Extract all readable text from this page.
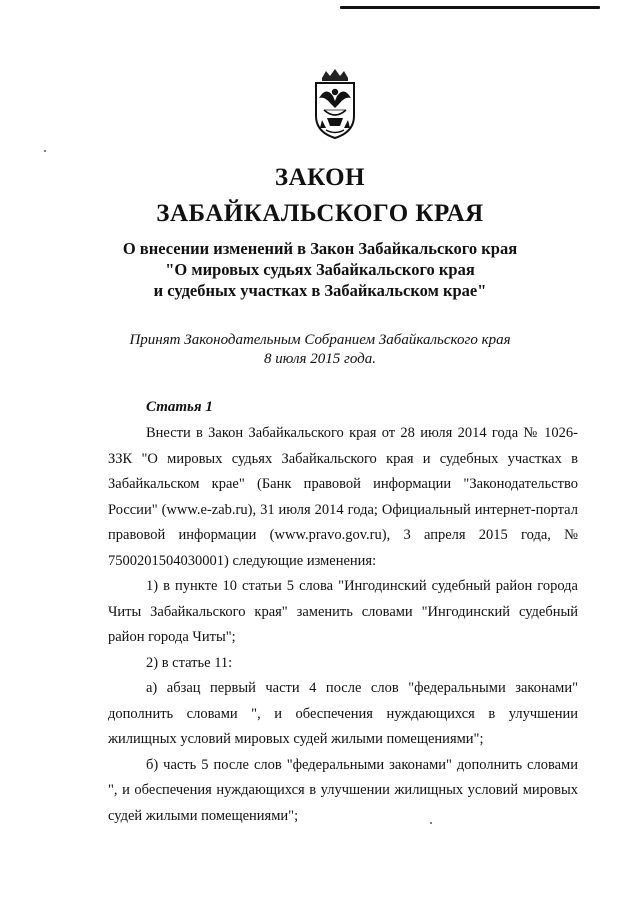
ЗАКОН
ЗАБАЙКАЛЬСКОГО КРАЯ
О внесении изменений в Закон Забайкальского края
"О мировых судьях Забайкальского края
и судебных участках в Забайкальском крае"
Принят Законодательным Собранием Забайкальского края
8 июля 2015 года.
Статья 1

Внести в Закон Забайкальского края от 28 июля 2014 года № 1026-ЗЗК "О мировых судьях Забайкальского края и судебных участках в Забайкальском крае" (Банк правовой информации "Законодательство России" (www.e-zab.ru), 31 июля 2014 года; Официальный интернет-портал правовой информации (www.pravo.gov.ru), 3 апреля 2015 года, № 7500201504030001) следующие изменения:

1) в пункте 10 статьи 5 слова "Ингодинский судебный район города Читы Забайкальского края" заменить словами "Ингодинский судебный район города Читы";

2) в статье 11:

а) абзац первый части 4 после слов "федеральными законами" дополнить словами ", и обеспечения нуждающихся в улучшении жилищных условий мировых судей жилыми помещениями";

б) часть 5 после слов "федеральными законами" дополнить словами ", и обеспечения нуждающихся в улучшении жилищных условий мировых судей жилыми помещениями";
